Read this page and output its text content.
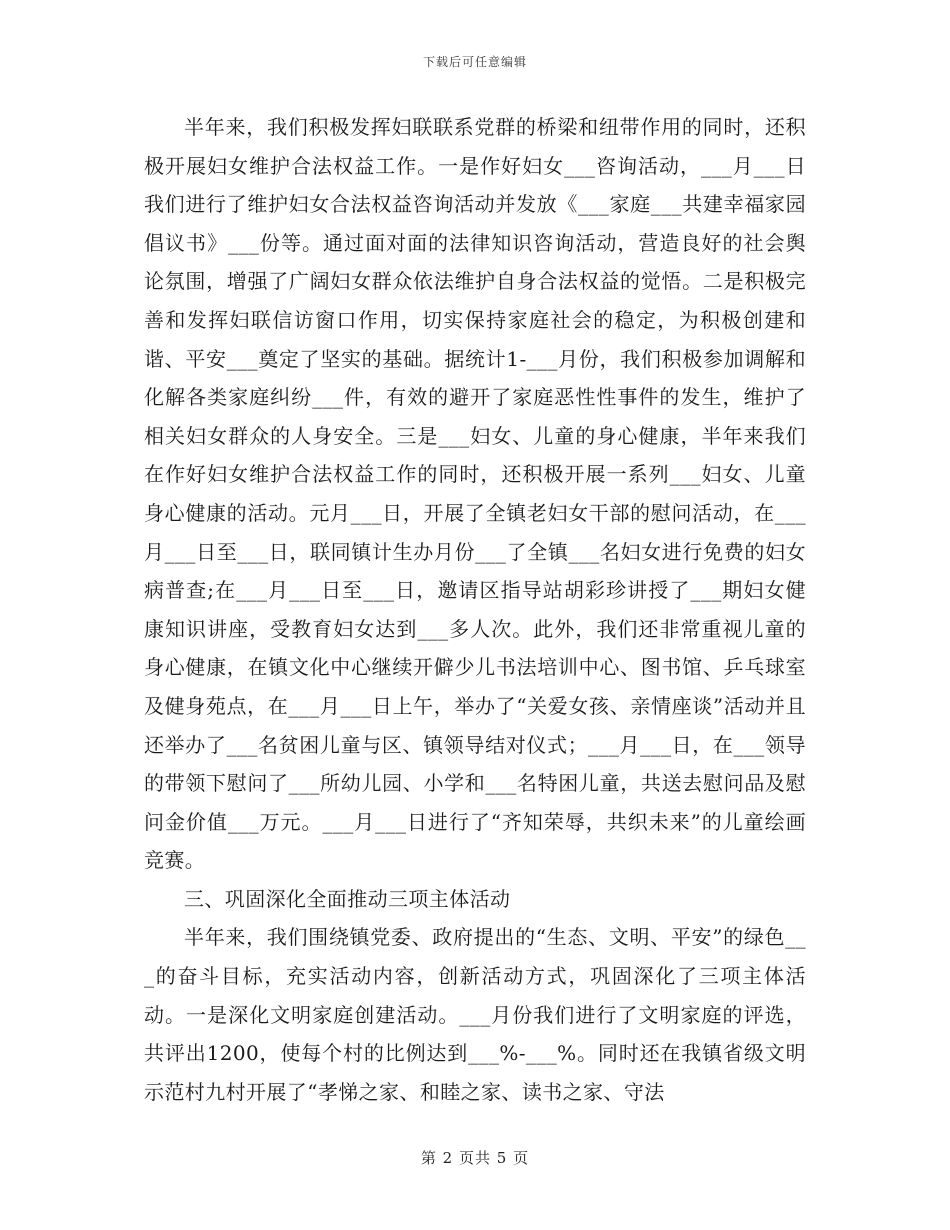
下载后可任意编辑

半年来，我们积极发挥妇联联系党群的桥梁和纽带作用的同时，还积极开展妇女维护合法权益工作。一是作好妇女___咨询活动，___月___日我们进行了维护妇女合法权益咨询活动并发放《___家庭___共建幸福家园倡议书》___份等。通过面对面的法律知识咨询活动，营造良好的社会舆论氛围，增强了广阔妇女群众依法维护自身合法权益的觉悟。二是积极完善和发挥妇联信访窗口作用，切实保持家庭社会的稳定，为积极创建和谐、平安___奠定了坚实的基础。据统计1-___月份，我们积极参加调解和化解各类家庭纠纷___件，有效的避开了家庭恶性性事件的发生，维护了相关妇女群众的人身安全。三是___妇女、儿童的身心健康，半年来我们在作好妇女维护合法权益工作的同时，还积极开展一系列___妇女、儿童身心健康的活动。元月___日，开展了全镇老妇女干部的慰问活动，在___月___日至___日，联同镇计生办月份___了全镇___名妇女进行免费的妇女病普查;在___月___日至___日，邀请区指导站胡彩珍讲授了___期妇女健康知识讲座，受教育妇女达到___多人次。此外，我们还非常重视儿童的身心健康，在镇文化中心继续开僻少儿书法培训中心、图书馆、乒乓球室及健身苑点，在___月___日上午，举办了“关爱女孩、亲情座谈”活动并且还举办了___名贫困儿童与区、镇领导结对仪式；___月___日，在___领导的带领下慰问了___所幼儿园、小学和___名特困儿童，共送去慰问品及慰问金价值___万元。___月___日进行了“齐知荣辱，共织未来”的儿童绘画竞赛。

三、巩固深化全面推动三项主体活动

半年来，我们围绕镇党委、政府提出的“生态、文明、平安”的绿色___的奋斗目标，充实活动内容，创新活动方式，巩固深化了三项主体活动。一是深化文明家庭创建活动。___月份我们进行了文明家庭的评选，共评出1200，使每个村的比例达到___%-___%。同时还在我镇省级文明示范村九村开展了“孝悌之家、和睦之家、读书之家、守法

第 2 页共 5 页
